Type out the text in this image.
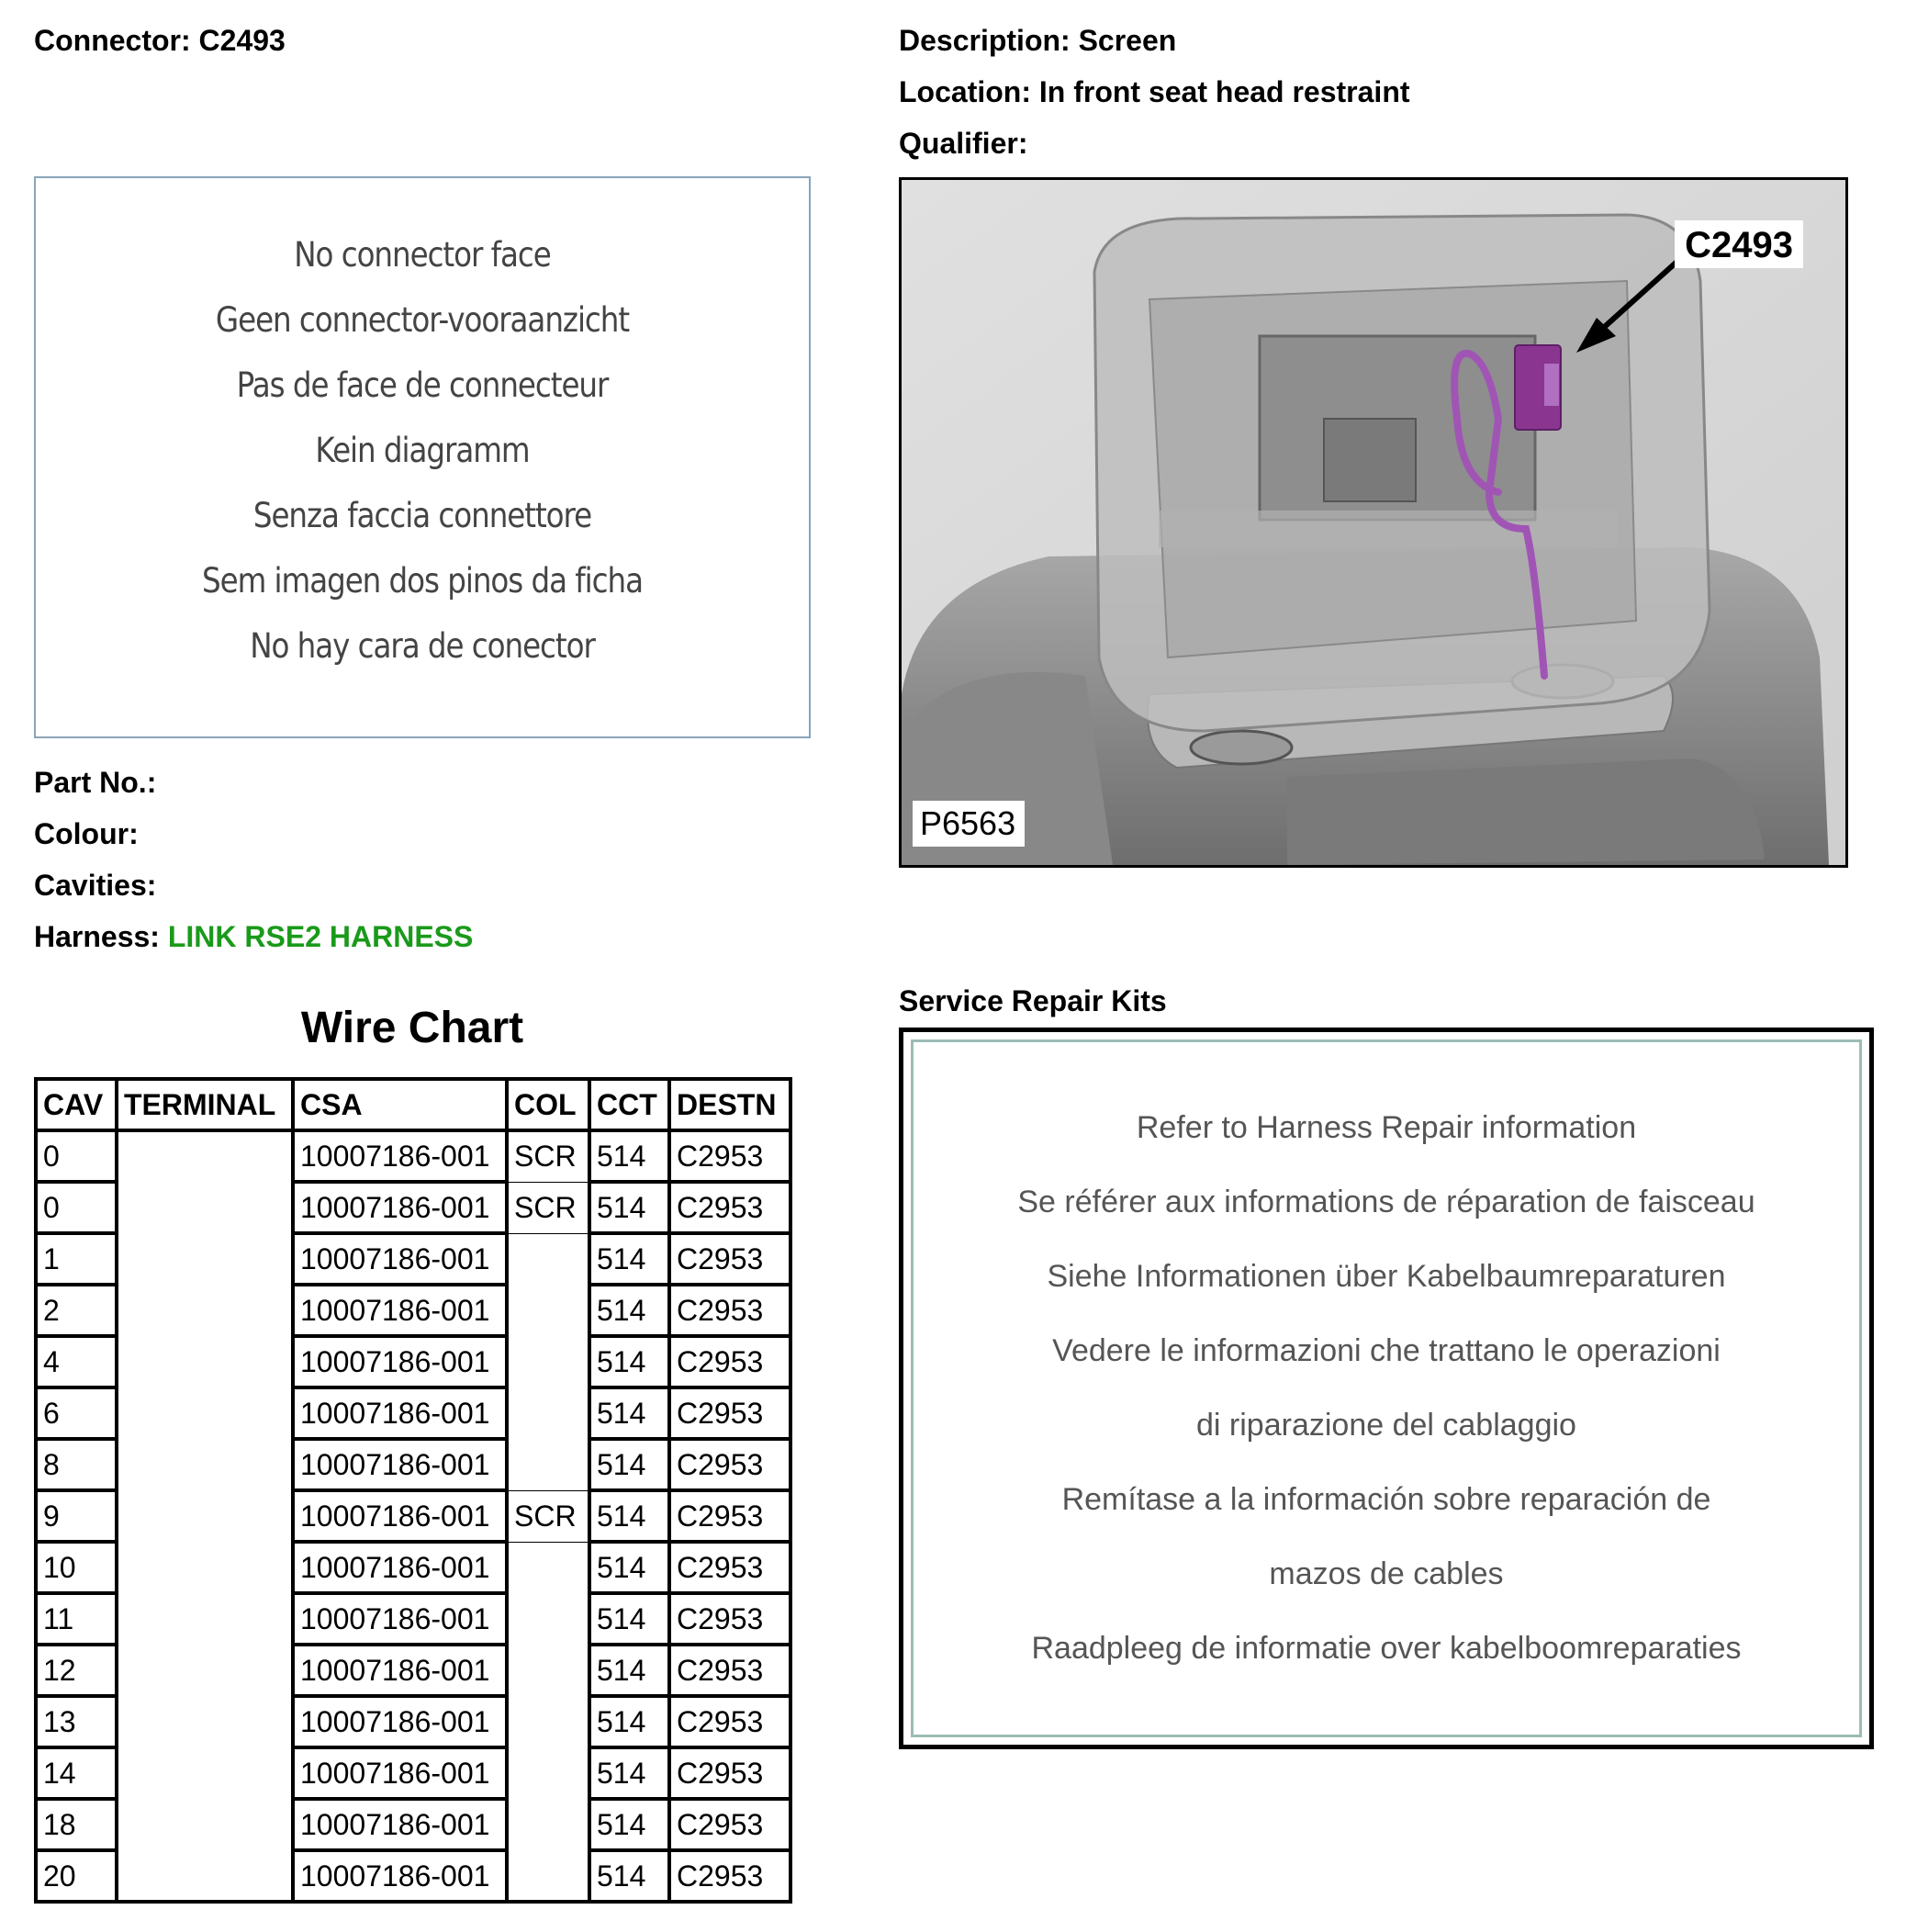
Connector: C2493	Description: Screen
Location: In front seat head restraint
Qualifier:
No connector face
Geen connector-vooraanzicht
Pas de face de connecteur
Kein diagramm
Senza faccia connettore
Sem imagen dos pinos da ficha
No hay cara de conector
C2493
P6563
Part No.:
Colour:
Cavities:
Harness: LINK RSE2 HARNESS
Wire Chart
CAV	TERMINAL	CSA	COL	CCT	DESTN
0		10007186-001	SCR	514	C2953
0		10007186-001	SCR	514	C2953
1		10007186-001		514	C2953
2		10007186-001		514	C2953
4		10007186-001		514	C2953
6		10007186-001		514	C2953
8		10007186-001		514	C2953
9		10007186-001	SCR	514	C2953
10		10007186-001		514	C2953
11		10007186-001		514	C2953
12		10007186-001		514	C2953
13		10007186-001		514	C2953
14		10007186-001		514	C2953
18		10007186-001		514	C2953
20		10007186-001		514	C2953
Service Repair Kits
Refer to Harness Repair information
Se référer aux informations de réparation de faisceau
Siehe Informationen über Kabelbaumreparaturen
Vedere le informazioni che trattano le operazioni
di riparazione del cablaggio
Remítase a la información sobre reparación de
mazos de cables
Raadpleeg de informatie over kabelboomreparaties
